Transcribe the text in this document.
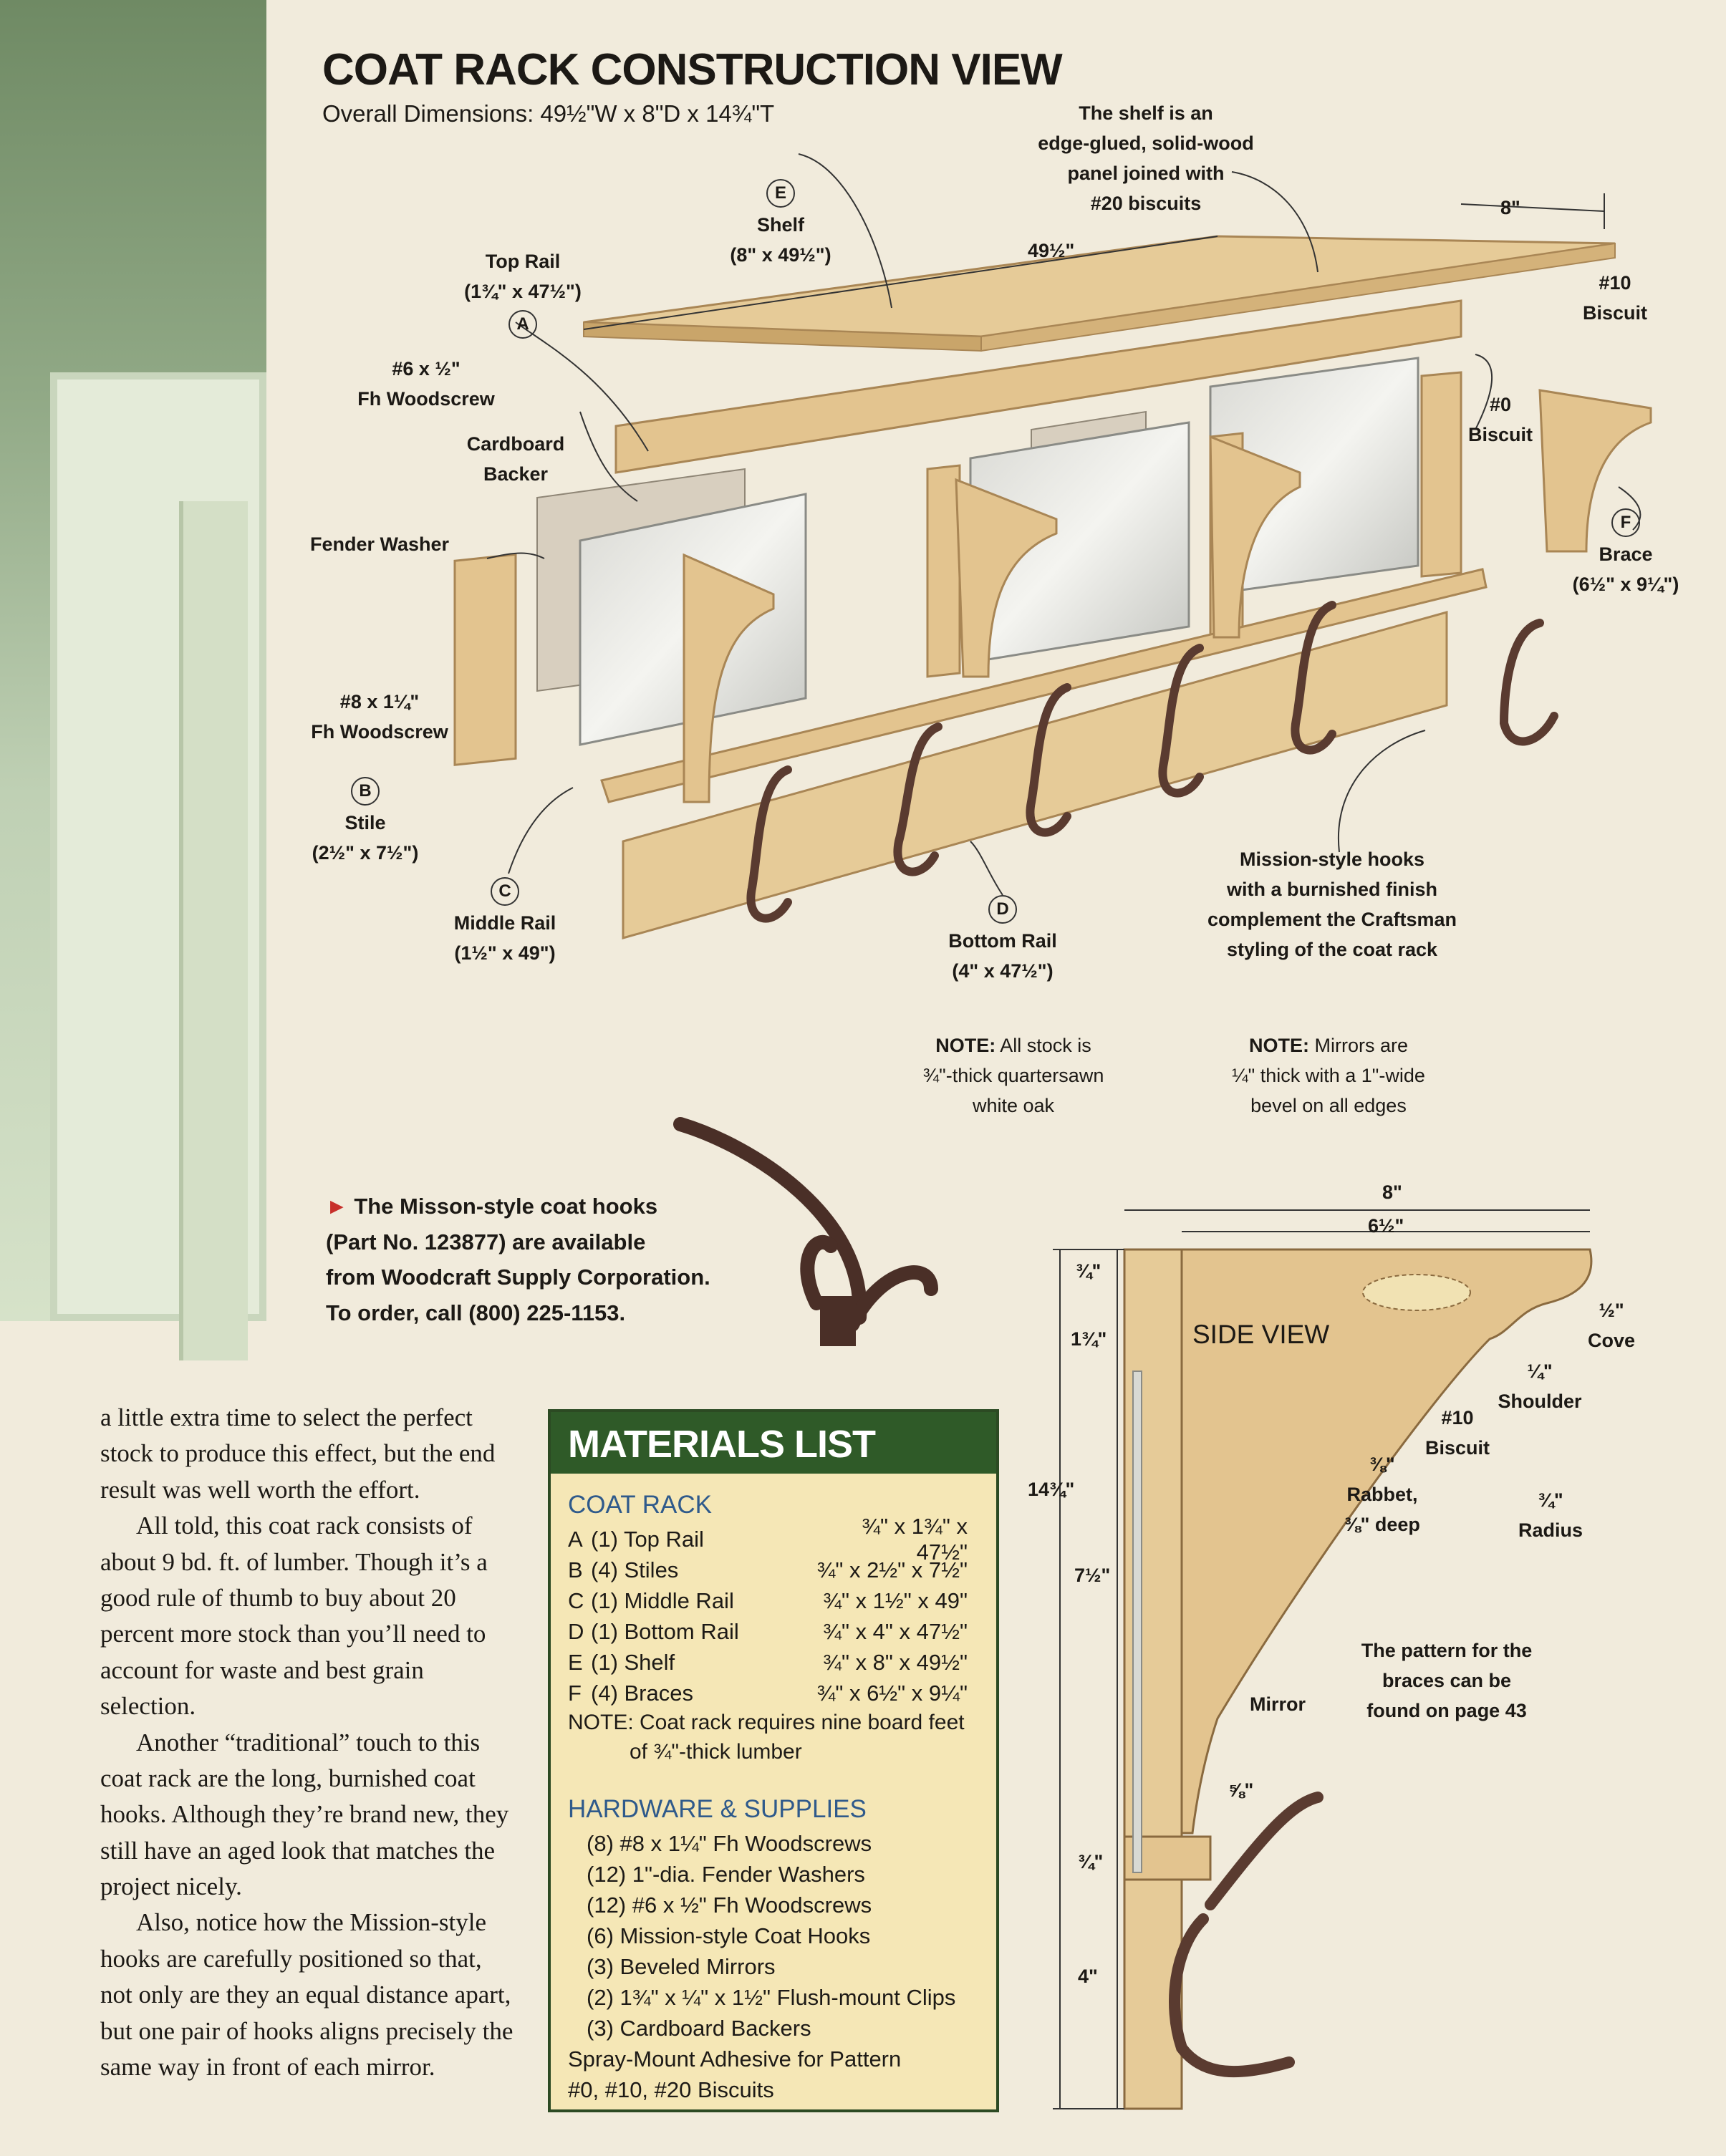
COAT RACK CONSTRUCTION VIEW
Overall Dimensions: 49½"W x 8"D x 14¾"T
Top Rail
(1¾" x 47½")
A
E
Shelf
(8" x 49½")
The shelf is an
edge-glued, solid-wood
panel joined with
#20 biscuits
49½"
8"
#10
Biscuit
#0
Biscuit
F
Brace
(6½" x 9¼")
#6 x ½"
Fh Woodscrew
Cardboard
Backer
Fender Washer
#8 x 1¼"
Fh Woodscrew
B
Stile
(2½" x 7½")
C
Middle Rail
(1½" x 49")
D
Bottom Rail
(4" x 47½")
Mission-style hooks
with a burnished finish
complement the Craftsman
styling of the coat rack
NOTE: All stock is
¾"-thick quartersawn
white oak
NOTE: Mirrors are
¼" thick with a 1"-wide
bevel on all edges
► The Misson-style coat hooks
(Part No. 123877) are available
from Woodcraft Supply Corporation.
To order, call (800) 225-1153.
SIDE VIEW
8"
6½"
¾"
1¾"
14¾"
7½"
¾"
4"
½"
Cove
¼"
Shoulder
#10
Biscuit
⅜"
Rabbet,
⅜" deep
¾"
Radius
Mirror
⅝"
The pattern for the
braces can be
found on page 43

a little extra time to select the perfect stock to produce this effect, but the end result was well worth the effort.

All told, this coat rack consists of about 9 bd. ft. of lumber. Though it’s a good rule of thumb to buy about 20 percent more stock than you’ll need to account for waste and best grain selection.

Another “traditional” touch to this coat rack are the long, burnished coat hooks. Although they’re brand new, they still have an aged look that matches the project nicely.

Also, notice how the Mission-style hooks are carefully positioned so that, not only are they an equal distance apart, but one pair of hooks aligns precisely the same way in front of each mirror.

MATERIALS LIST
COAT RACK
A (1) Top Rail
¾" x 1¾" x 47½"
B (4) Stiles	¾" x 2½" x 7½"
C (1) Middle Rail	¾" x 1½" x 49"
D (1) Bottom Rail	¾" x 4" x 47½"
E (1) Shelf	¾" x 8" x 49½"
F (4) Braces	¾" x 6½" x 9¼"
NOTE: Coat rack requires nine board feet
of ¾"-thick lumber
HARDWARE & SUPPLIES
(8) #8 x 1¼" Fh Woodscrews
(12) 1"-dia. Fender Washers
(12) #6 x ½" Fh Woodscrews
(6) Mission-style Coat Hooks
(3) Beveled Mirrors
(2) 1¾" x ¼" x 1½" Flush-mount Clips
(3) Cardboard Backers
Spray-Mount Adhesive for Pattern
#0, #10, #20 Biscuits
